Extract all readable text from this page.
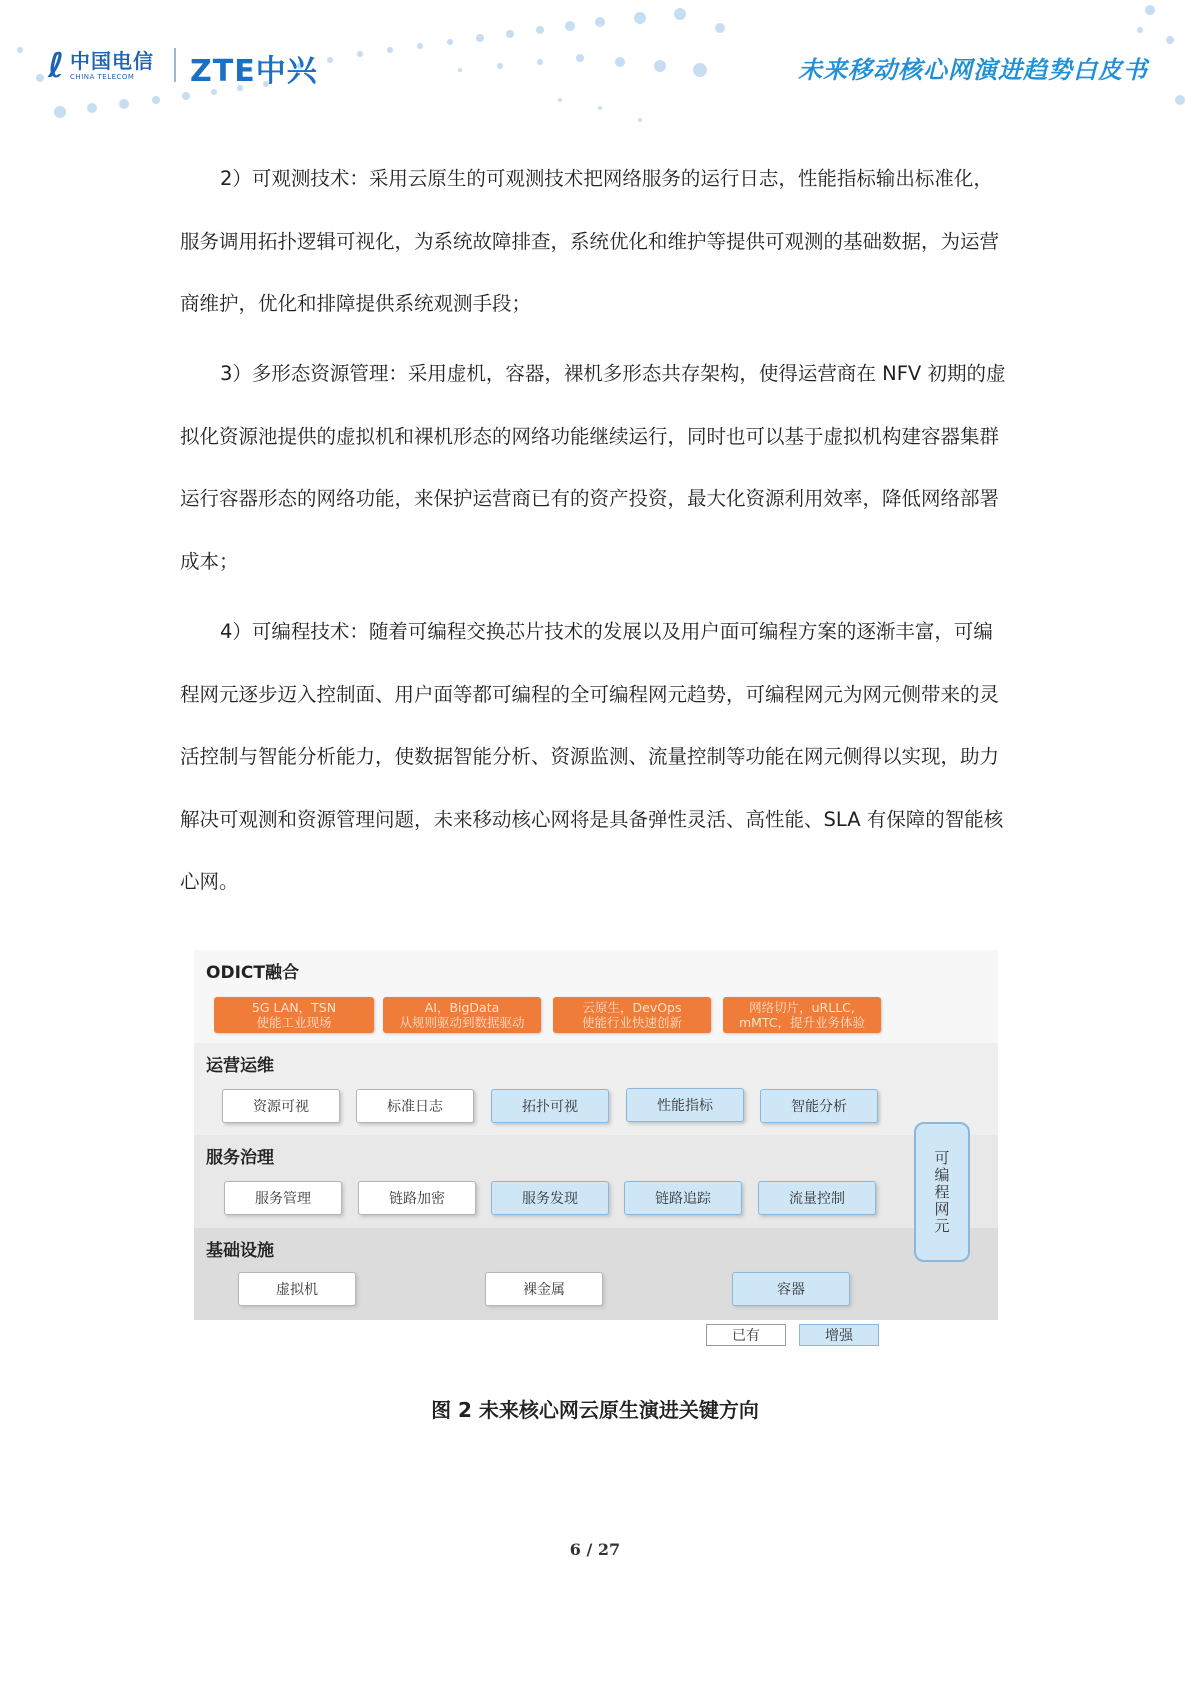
ℓ 中国电信
CHINA TELECOM	ZTE中兴	未来移动核心网演进趋势白皮书

2）可观测技术：采用云原生的可观测技术把网络服务的运行日志，性能指标输出标准化，服务调用拓扑逻辑可视化，为系统故障排查，系统优化和维护等提供可观测的基础数据，为运营商维护，优化和排障提供系统观测手段；

3）多形态资源管理：采用虚机，容器，裸机多形态共存架构，使得运营商在 NFV 初期的虚拟化资源池提供的虚拟机和裸机形态的网络功能继续运行，同时也可以基于虚拟机构建容器集群运行容器形态的网络功能，来保护运营商已有的资产投资，最大化资源利用效率，降低网络部署成本；

4）可编程技术：随着可编程交换芯片技术的发展以及用户面可编程方案的逐渐丰富，可编程网元逐步迈入控制面、用户面等都可编程的全可编程网元趋势，可编程网元为网元侧带来的灵活控制与智能分析能力，使数据智能分析、资源监测、流量控制等功能在网元侧得以实现，助力解决可观测和资源管理问题，未来移动核心网将是具备弹性灵活、高性能、SLA 有保障的智能核心网。

ODICT融合
5G LAN，TSN
使能工业现场
AI，BigData
从规则驱动到数据驱动
云原生，DevOps
使能行业快速创新
网络切片，uRLLC,
mMTC，提升业务体验
运营运维
资源可视	标准日志	拓扑可视	性能指标	智能分析
服务治理
服务管理	链路加密	服务发现	链路追踪	流量控制
基础设施
虚拟机	裸金属	容器
可编程网元
已有	增强
图 2 未来核心网云原生演进关键方向
6 / 27
